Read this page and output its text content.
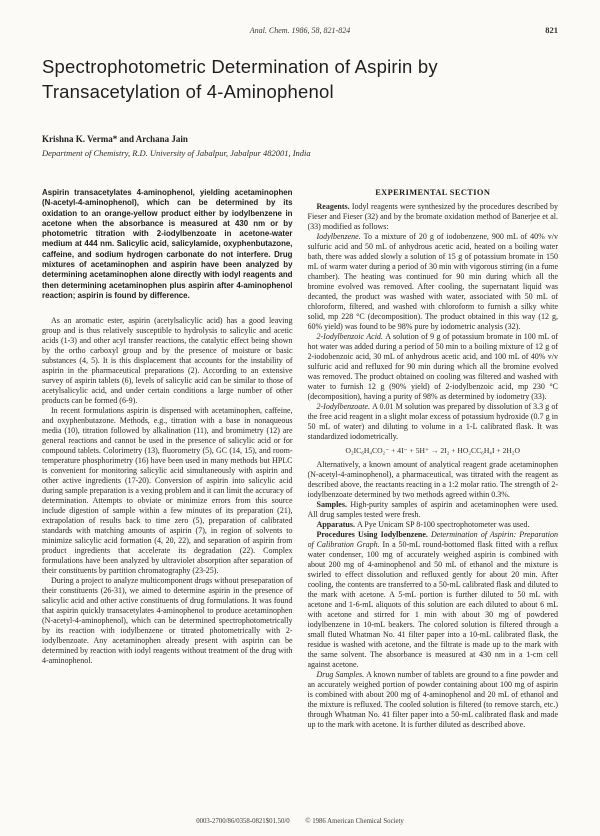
Anal. Chem. 1986, 58, 821-824	821
Spectrophotometric Determination of Aspirin by
Transacetylation of 4-Aminophenol
Krishna K. Verma* and Archana Jain
Department of Chemistry, R.D. University of Jabalpur, Jabalpur 482001, India

Aspirin transacetylates 4-aminophenol, yielding acetaminophen (N-acetyl-4-aminophenol), which can be determined by its oxidation to an orange-yellow product either by iodylbenzene in acetone when the absorbance is measured at 430 nm or by photometric titration with 2-iodylbenzoate in acetone-water medium at 444 nm. Salicylic acid, salicylamide, oxyphenbutazone, caffeine, and sodium hydrogen carbonate do not interfere. Drug mixtures of acetaminophen and aspirin have been analyzed by determining acetaminophen alone directly with iodyl reagents and then determining acetaminophen plus aspirin after 4-aminophenol reaction; aspirin is found by difference.

As an aromatic ester, aspirin (acetylsalicylic acid) has a good leaving group and is thus relatively susceptible to hydrolysis to salicylic and acetic acids (1-3) and other acyl transfer reactions, the catalytic effect being shown by the ortho carboxyl group and by the presence of moisture or basic substances (4, 5). It is this displacement that accounts for the instability of aspirin in the pharmaceutical preparations (2). According to an extensive survey of aspirin tablets (6), levels of salicylic acid can be similar to those of acetylsalicylic acid, and under certain conditions a large number of other products can be formed (6-9).

In recent formulations aspirin is dispensed with acetaminophen, caffeine, and oxyphenbutazone. Methods, e.g., titration with a base in nonaqueous media (10), titration followed by alkalination (11), and bromimetry (12) are general reactions and cannot be used in the presence of salicylic acid or for compound tablets. Colorimetry (13), fluorometry (5), GC (14, 15), and room-temperature phosphorimetry (16) have been used in many methods but HPLC is convenient for monitoring salicylic acid simultaneously with aspirin and other active ingredients (17-20). Conversion of aspirin into salicylic acid during sample preparation is a vexing problem and it can limit the accuracy of determination. Attempts to obviate or minimize errors from this source include digestion of sample within a few minutes of its preparation (21), extrapolation of results back to time zero (5), preparation of calibrated standards with matching amounts of aspirin (7), in region of solvents to minimize salicylic acid formation (4, 20, 22), and separation of aspirin from product ingredients that accelerate its degradation (22). Complex formulations have been analyzed by ultraviolet absorption after separation of their constituents by partition chromatography (23-25).

During a project to analyze multicomponent drugs without preseparation of their constituents (26-31), we aimed to determine aspirin in the presence of salicylic acid and other active constituents of drug formulations. It was found that aspirin quickly transacetylates 4-aminophenol to produce acetaminophen (N-acetyl-4-aminophenol), which can be determined spectrophotometrically by its reaction with iodylbenzene or titrated photometrically with 2-iodylbenzoate. Any acetaminophen already present with aspirin can be determined by reaction with iodyl reagents without treatment of the drug with 4-aminophenol.

EXPERIMENTAL SECTION

Reagents. Iodyl reagents were synthesized by the procedures described by Fieser and Fieser (32) and by the bromate oxidation method of Banerjee et al. (33) modified as follows:

Iodylbenzene. To a mixture of 20 g of iodobenzene, 900 mL of 40% v/v sulfuric acid and 50 mL of anhydrous acetic acid, heated on a boiling water bath, there was added slowly a solution of 15 g of potassium bromate in 150 mL of warm water during a period of 30 min with vigorous stirring (in a fume chamber). The heating was continued for 90 min during which all the bromine evolved was removed. After cooling, the supernatant liquid was decanted, the product was washed with water, associated with 50 mL of chloroform, filtered, and washed with chloroform to furnish a silky white solid, mp 228 °C (decomposition). The product obtained in this way (12 g, 60% yield) was found to be 98% pure by iodometric analysis (32).

2-Iodylbenzoic Acid. A solution of 9 g of potassium bromate in 100 mL of hot water was added during a period of 50 min to a boiling mixture of 12 g of 2-iodobenzoic acid, 30 mL of anhydrous acetic acid, and 100 mL of 40% v/v sulfuric acid and refluxed for 90 min during which all the bromine evolved was removed. The product obtained on cooling was filtered and washed with water to furnish 12 g (90% yield) of 2-iodylbenzoic acid, mp 230 °C (decomposition), having a purity of 98% as determined by iodometry (33).

2-Iodylbenzoate. A 0.01 M solution was prepared by dissolution of 3.3 g of the free acid reagent in a slight molar excess of potassium hydroxide (0.7 g in 50 mL of water) and diluting to volume in a 1-L calibrated flask. It was standardized iodometrically.

O₂IC₆H₄CO₂⁻ + 4I⁻ + 5H⁺ → 2I₂ + HO₂CC₆H₄I + 2H₂O

Alternatively, a known amount of analytical reagent grade acetaminophen (N-acetyl-4-aminophenol), a pharmaceutical, was titrated with the reagent as described above, the reactants reacting in a 1:2 molar ratio. The strength of 2-iodylbenzoate determined by two methods agreed within 0.3%.

Samples. High-purity samples of aspirin and acetaminophen were used. All drug samples tested were fresh.

Apparatus. A Pye Unicam SP 8-100 spectrophotometer was used.

Procedures Using Iodylbenzene. Determination of Aspirin: Preparation of Calibration Graph. In a 50-mL round-bottomed flask fitted with a reflux water condenser, 100 mg of accurately weighed aspirin is combined with about 200 mg of 4-aminophenol and 50 mL of ethanol and the mixture is swirled to effect dissolution and refluxed gently for about 20 min. After cooling, the contents are transferred to a 50-mL calibrated flask and diluted to the mark with acetone. A 5-mL portion is further diluted to 50 mL with acetone and 1-6-mL aliquots of this solution are each diluted to about 6 mL with acetone and stirred for 1 min with about 30 mg of powdered iodylbenzene in 10-mL beakers. The colored solution is filtered through a small fluted Whatman No. 41 filter paper into a 10-mL calibrated flask, the residue is washed with acetone, and the filtrate is made up to the mark with the same solvent. The absorbance is measured at 430 nm in a 1-cm cell against acetone.

Drug Samples. A known number of tablets are ground to a fine powder and an accurately weighed portion of powder containing about 100 mg of aspirin is combined with about 200 mg of 4-aminophenol and 20 mL of ethanol and the mixture is refluxed. The cooled solution is filtered (to remove starch, etc.) through Whatman No. 41 filter paper into a 50-mL calibrated flask and made up to the mark with acetone. It is further diluted as described above.

0003-2700/86/0358-0821$01.50/0 © 1986 American Chemical Society
